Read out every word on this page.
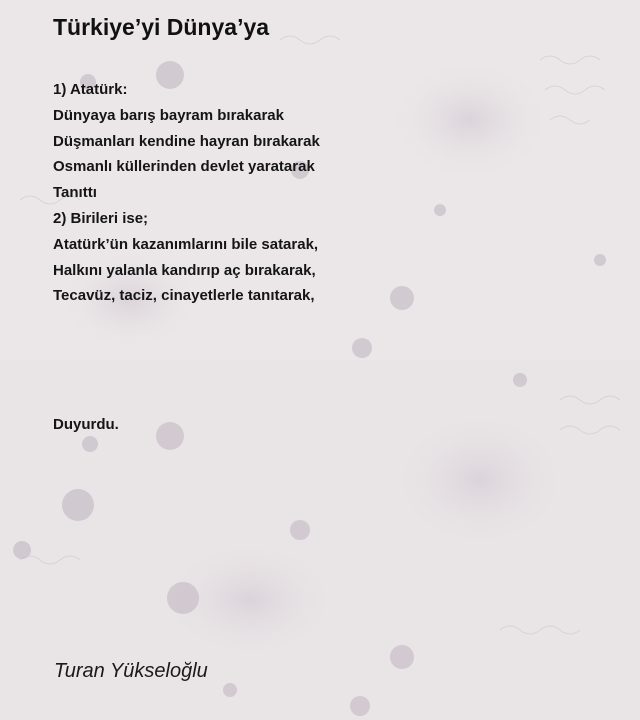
Türkiye’yi Dünya’ya
1) Atatürk:
Dünyaya barış bayram bırakarak
Düşmanları kendine hayran bırakarak
Osmanlı küllerinden devlet yaratarak
Tanıttı
2) Birileri ise;
Atatürk’ün kazanımlarını bile satarak,
Halkını yalanla kandırıp aç bırakarak,
Tecavüz, taciz, cinayetlerle tanıtarak,
Duyurdu.
Turan Yükseloğlu
